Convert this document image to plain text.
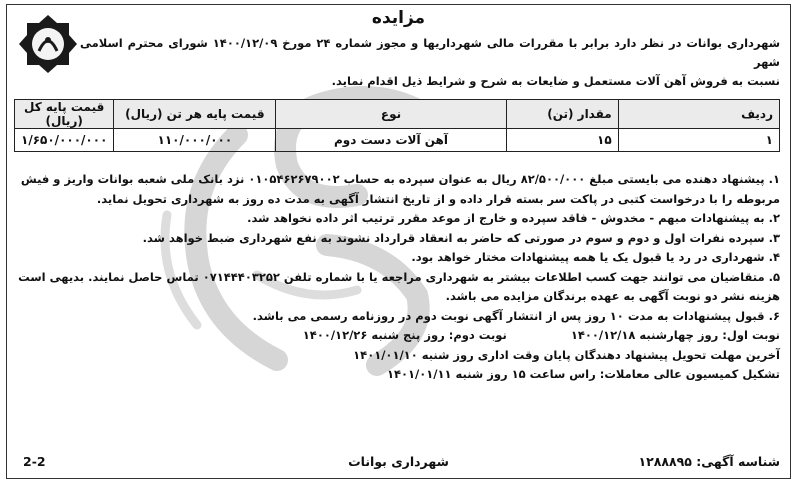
مزایده
شهرداری بوانات در نظر دارد برابر با مقررات مالی شهرداریها و مجوز شماره ۲۴ مورخ ۱۴۰۰/۱۲/۰۹ شورای محترم اسلامی شهر
نسبت به فروش آهن آلات مستعمل و ضایعات به شرح و شرایط ذیل اقدام نماید.
ردیف	مقدار (تن)	نوع	قیمت پایه هر تن (ریال)	قیمت پایه کل (ریال)
۱	۱۵	آهن آلات دست دوم	۱۱۰/۰۰۰/۰۰۰	۱/۶۵۰/۰۰۰/۰۰۰
۱. پیشنهاد دهنده می بایستی مبلغ ۸۲/۵۰۰/۰۰۰ ریال به عنوان سپرده به حساب ۰۱۰۵۴۶۲۶۷۹۰۰۲ نزد بانک ملی شعبه بوانات واریز و فیش
مربوطه را با درخواست کتبی در پاکت سر بسته قرار داده و از تاریخ انتشار آگهی به مدت ده روز به شهرداری تحویل نماید.
۲. به پیشنهادات مبهم - مخدوش - فاقد سپرده و خارج از موعد مقرر ترتیب اثر داده نخواهد شد.
۳. سپرده نفرات اول و دوم و سوم در صورتی که حاضر به انعقاد قرارداد نشوند به نفع شهرداری ضبط خواهد شد.
۴. شهرداری در رد یا قبول یک یا همه پیشنهادات مختار خواهد بود.
۵. متقاضیان می توانند جهت کسب اطلاعات بیشتر به شهرداری مراجعه یا با شماره تلفن ۰۷۱۴۴۴۰۳۲۵۲ تماس حاصل نمایند. بدیهی است
هزینه نشر دو نوبت آگهی به عهده برندگان مزایده می باشد.
۶. قبول پیشنهادات به مدت ۱۰ روز پس از انتشار آگهی نوبت دوم در روزنامه رسمی می باشد.
نوبت اول: روز چهارشنبه ۱۴۰۰/۱۲/۱۸ نوبت دوم: روز پنج شنبه ۱۴۰۰/۱۲/۲۶
آخرین مهلت تحویل پیشنهاد دهندگان پایان وقت اداری روز شنبه ۱۴۰۱/۰۱/۱۰
تشکیل کمیسیون عالی معاملات: راس ساعت ۱۵ روز شنبه ۱۴۰۱/۰۱/۱۱
شناسه آگهی: ۱۲۸۸۸۹۵
شهرداری بوانات
2-2
